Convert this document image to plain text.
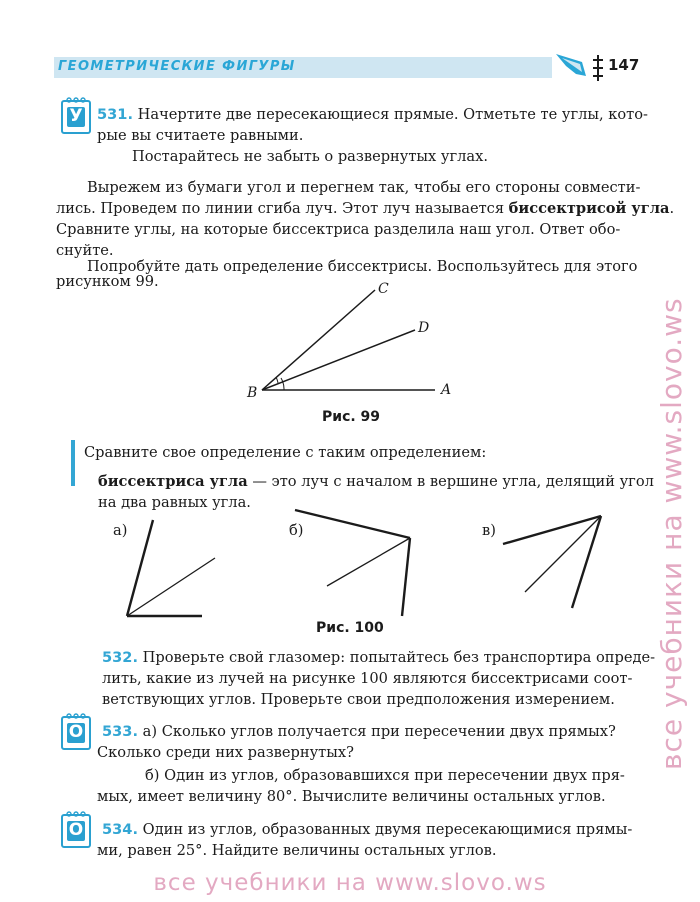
ГЕОМЕТРИЧЕСКИЕ ФИГУРЫ	147
У 531. Начертите две пересекающиеся прямые. Отметьте те углы, кото-
рые вы считаете равными.
Постарайтесь не забыть о развернутых углах.
Вырежем из бумаги угол и перегнем так, чтобы его стороны совмести-
лись. Проведем по линии сгиба луч. Этот луч называется биссектрисой угла.
Сравните углы, на которые биссектриса разделила наш угол. Ответ обо-
снуйте.
Попробуйте дать определение биссектрисы. Воспользуйтесь для этого
рисунком 99.	C
D
B	A
Рис. 99
Сравните свое определение с таким определением:
биссектриса угла — это луч с началом в вершине угла, делящий угол
на два равных угла.
а)	б)	в)
Рис. 100
532. Проверьте свой глазомер: попытайтесь без транспортира опреде-
лить, какие из лучей на рисунке 100 являются биссектрисами соот-
ветствующих углов. Проверьте свои предположения измерением.
О	533. а) Сколько углов получается при пересечении двух прямых?
Сколько среди них развернутых?
б) Один из углов, образовавшихся при пересечении двух пря-
мых, имеет величину 80°. Вычислите величины остальных углов.
О	534. Один из углов, образованных двумя пересекающимися прямы-
ми, равен 25°. Найдите величины остальных углов.
все учебники на www.slovo.ws
все учебники на www.slovo.ws
